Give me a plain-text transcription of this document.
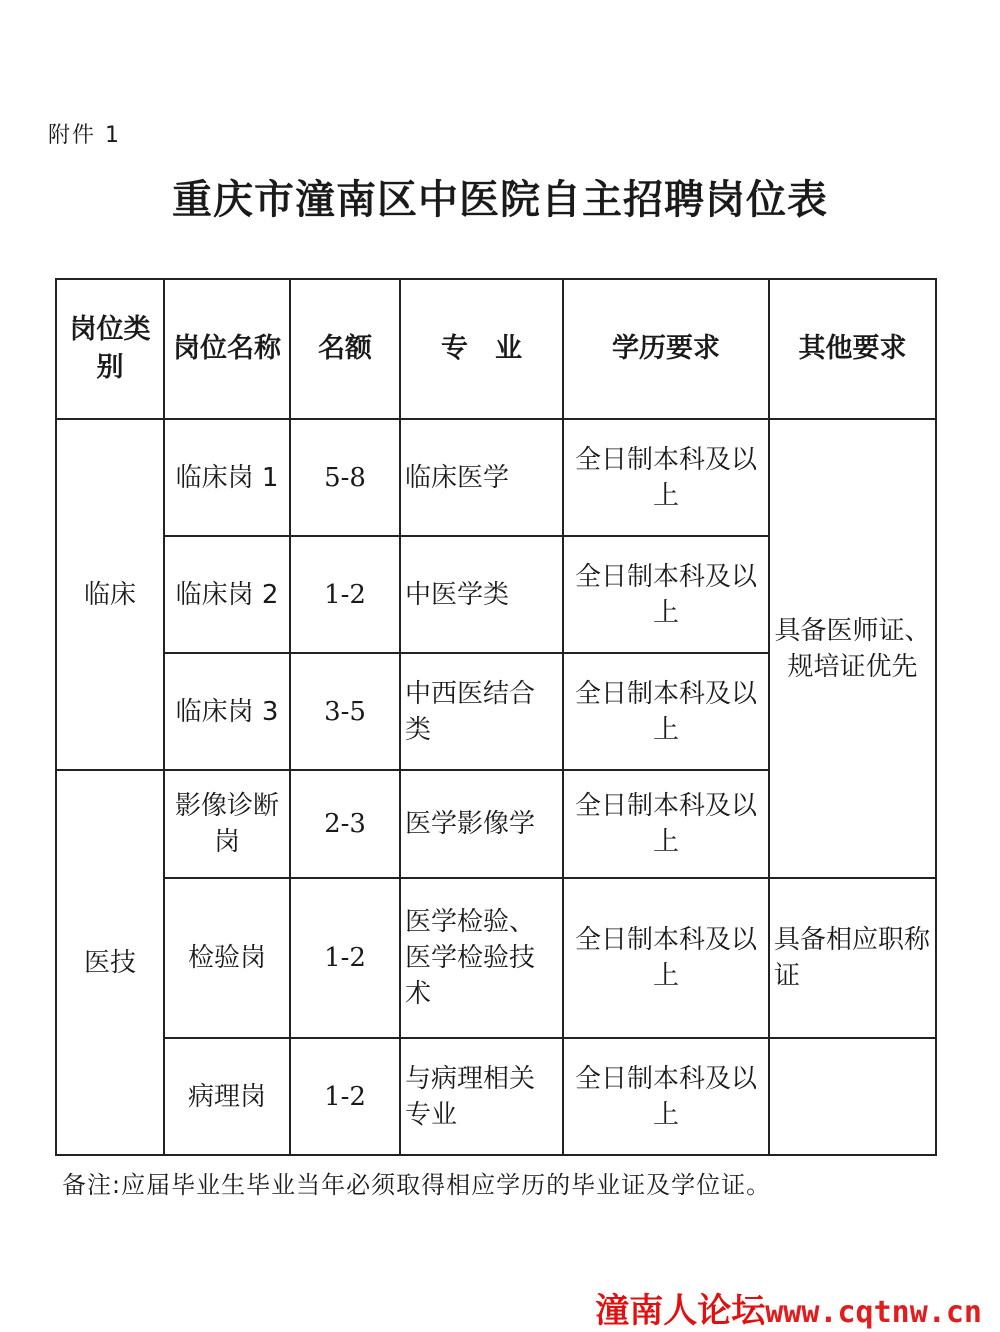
附件 1
重庆市潼南区中医院自主招聘岗位表
岗位类别	岗位名称	名额	专　业	学历要求	其他要求
临床	临床岗 1	5-8	临床医学	全日制本科及以上	具备医师证、规培证优先
	临床岗 2	1-2	中医学类	全日制本科及以上	
	临床岗 3	3-5	中西医结合类	全日制本科及以上	
医技	影像诊断岗	2-3	医学影像学	全日制本科及以上	
	检验岗	1-2	医学检验、医学检验技术	全日制本科及以上	具备相应职称证
	病理岗	1-2	与病理相关专业	全日制本科及以上	
备注:应届毕业生毕业当年必须取得相应学历的毕业证及学位证。
潼南人论坛www.cqtnw.cn
